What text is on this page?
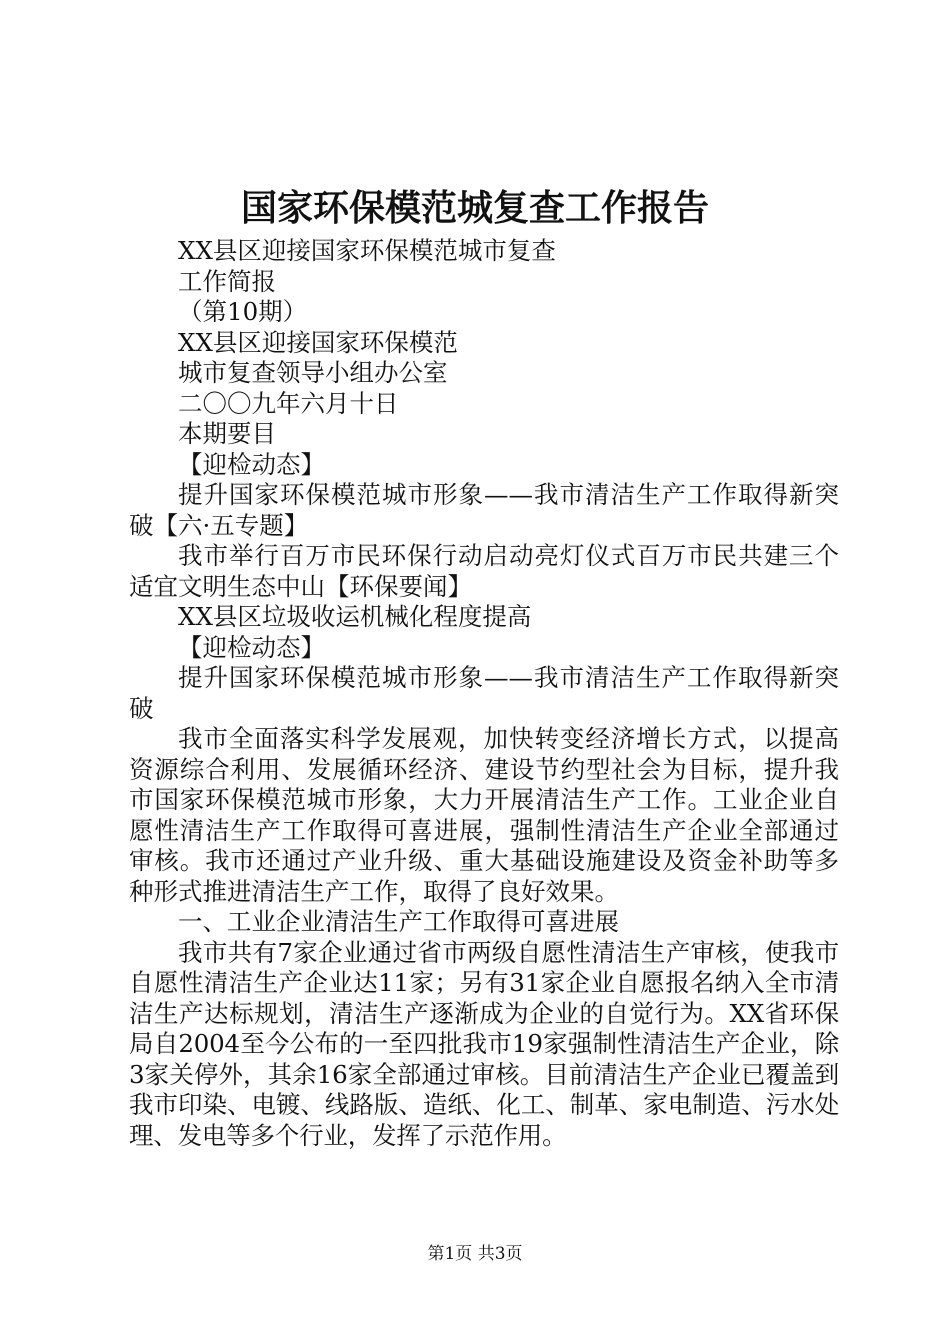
国家环保模范城复查工作报告
XX县区迎接国家环保模范城市复查
工作简报
（第10期）
XX县区迎接国家环保模范
城市复查领导小组办公室
二〇〇九年六月十日
本期要目
【迎检动态】
提升国家环保模范城市形象——我市清洁生产工作取得新突破【六·五专题】
我市举行百万市民环保行动启动亮灯仪式百万市民共建三个适宜文明生态中山【环保要闻】
XX县区垃圾收运机械化程度提高
【迎检动态】
提升国家环保模范城市形象——我市清洁生产工作取得新突破
我市全面落实科学发展观，加快转变经济增长方式，以提高资源综合利用、发展循环经济、建设节约型社会为目标，提升我市国家环保模范城市形象，大力开展清洁生产工作。工业企业自愿性清洁生产工作取得可喜进展，强制性清洁生产企业全部通过审核。我市还通过产业升级、重大基础设施建设及资金补助等多种形式推进清洁生产工作，取得了良好效果。
一、工业企业清洁生产工作取得可喜进展
我市共有7家企业通过省市两级自愿性清洁生产审核，使我市自愿性清洁生产企业达11家；另有31家企业自愿报名纳入全市清洁生产达标规划，清洁生产逐渐成为企业的自觉行为。XX省环保局自2004至今公布的一至四批我市19家强制性清洁生产企业，除3家关停外，其余16家全部通过审核。目前清洁生产企业已覆盖到我市印染、电镀、线路版、造纸、化工、制革、家电制造、污水处理、发电等多个行业，发挥了示范作用。
第1页 共3页
